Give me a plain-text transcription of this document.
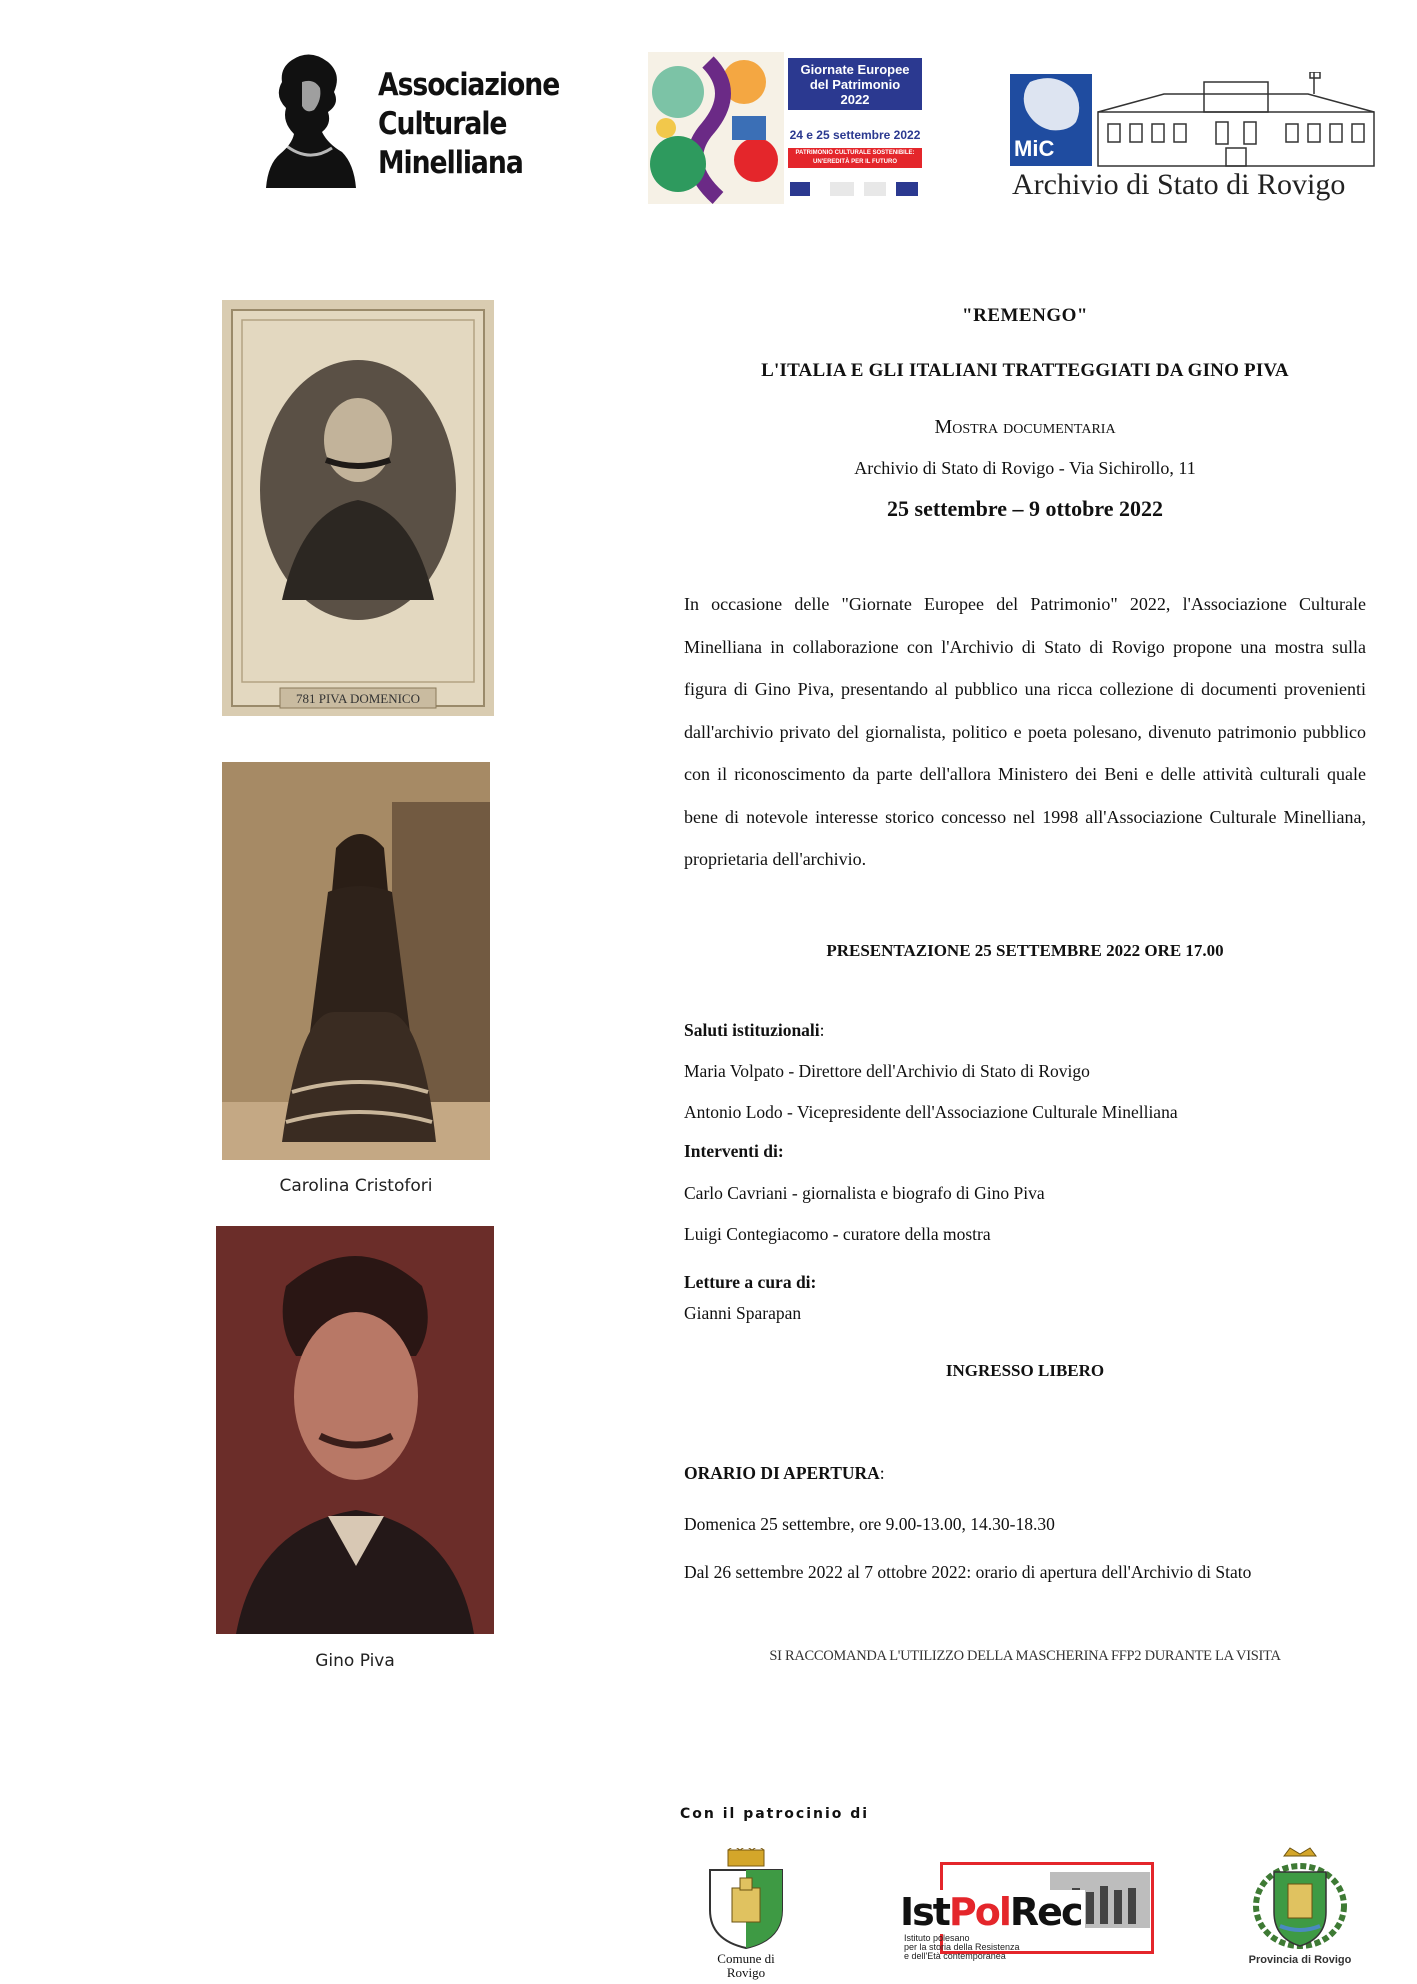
Associazione
Culturale
Minelliana
Giornate Europee
del Patrimonio
2022
24 e 25 settembre 2022
PATRIMONIO CULTURALE SOSTENIBILE: UN'EREDITÀ PER IL FUTURO
MiC
Archivio di Stato di Rovigo
781 PIVA DOMENICO
Carolina Cristofori
Gino Piva
"REMENGO"
L'ITALIA E GLI ITALIANI TRATTEGGIATI DA GINO PIVA
Mostra documentaria
Archivio di Stato di Rovigo - Via Sichirollo, 11
25 settembre – 9 ottobre 2022
In occasione delle "Giornate Europee del Patrimonio" 2022, l'Associazione Culturale Minelliana in collaborazione con l'Archivio di Stato di Rovigo propone una mostra sulla figura di Gino Piva, presentando al pubblico una ricca collezione di documenti provenienti dall'archivio privato del giornalista, politico e poeta polesano, divenuto patrimonio pubblico con il riconoscimento da parte dell'allora Ministero dei Beni e delle attività culturali quale bene di notevole interesse storico concesso nel 1998 all'Associazione Culturale Minelliana, proprietaria dell'archivio.
PRESENTAZIONE 25 SETTEMBRE 2022 ORE 17.00
Saluti istituzionali:
Maria Volpato - Direttore dell'Archivio di Stato di Rovigo
Antonio Lodo - Vicepresidente dell'Associazione Culturale Minelliana
Interventi di:
Carlo Cavriani - giornalista e biografo di Gino Piva
Luigi Contegiacomo - curatore della mostra
Letture a cura di:
Gianni Sparapan
INGRESSO LIBERO
ORARIO DI APERTURA:
Domenica 25 settembre, ore 9.00-13.00, 14.30-18.30
Dal 26 settembre 2022 al 7 ottobre 2022: orario di apertura dell'Archivio di Stato
SI RACCOMANDA L'UTILIZZO DELLA MASCHERINA FFP2 DURANTE LA VISITA
Con il patrocinio di
Comune di
Rovigo
IstPolRec
Istituto polesano
per la storia della Resistenza
e dell'Età contemporanea	Provincia di Rovigo
